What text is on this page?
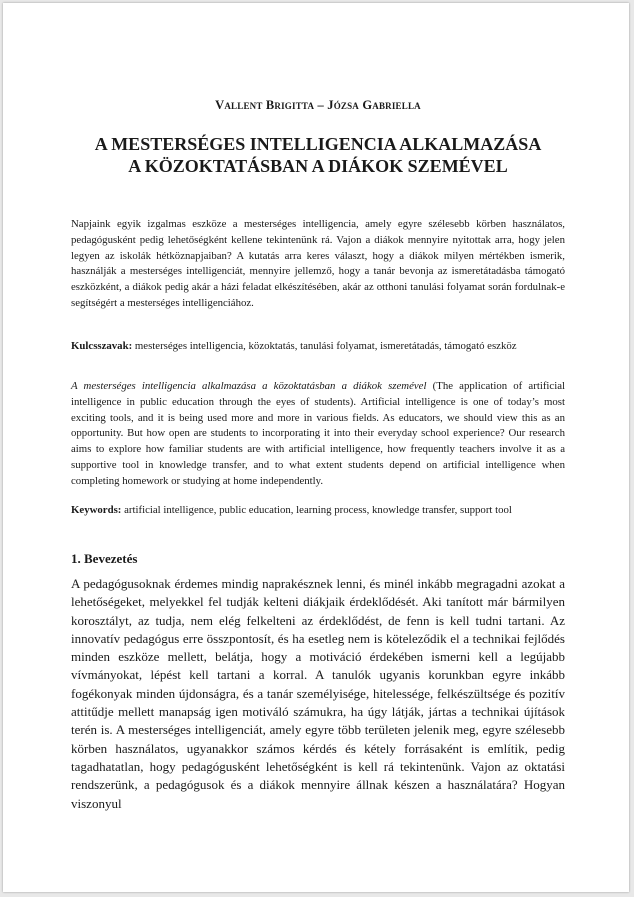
Vallent Brigitta – Józsa Gabriella
A MESTERSÉGES INTELLIGENCIA ALKALMAZÁSA
A KÖZOKTATÁSBAN A DIÁKOK SZEMÉVEL

Napjaink egyik izgalmas eszköze a mesterséges intelligencia, amely egyre szélesebb körben használatos, pedagógusként pedig lehetőségként kellene tekintenünk rá. Vajon a diákok mennyire nyitottak arra, hogy jelen legyen az iskolák hétköznapjaiban? A kutatás arra keres választ, hogy a diákok milyen mértékben ismerik, használják a mesterséges intelligenciát, mennyire jellemző, hogy a tanár bevonja az ismeretátadásba támogató eszközként, a diákok pedig akár a házi feladat elkészítésében, akár az otthoni tanulási folyamat során fordulnak-e segítségért a mesterséges intelligenciához.

Kulcsszavak: mesterséges intelligencia, közoktatás, tanulási folyamat, ismeretátadás, támogató eszköz

A mesterséges intelligencia alkalmazása a közoktatásban a diákok szemével (The application of artificial intelligence in public education through the eyes of students). Artificial intelligence is one of today’s most exciting tools, and it is being used more and more in various fields. As educators, we should view this as an opportunity. But how open are students to incorporating it into their everyday school experience? Our research aims to explore how familiar students are with artificial intelligence, how frequently teachers involve it as a supportive tool in knowledge transfer, and to what extent students depend on artificial intelligence when completing homework or studying at home independently.

Keywords: artificial intelligence, public education, learning process, knowledge transfer, support tool

1. Bevezetés

A pedagógusoknak érdemes mindig naprakésznek lenni, és minél inkább megragadni azokat a lehetőségeket, melyekkel fel tudják kelteni diákjaik érdeklődését. Aki tanított már bármilyen korosztályt, az tudja, nem elég felkelteni az érdeklődést, de fenn is kell tudni tartani. Az innovatív pedagógus erre összpontosít, és ha esetleg nem is köteleződik el a technikai fejlődés minden eszköze mellett, belátja, hogy a motiváció érdekében ismerni kell a legújabb vívmányokat, lépést kell tartani a korral. A tanulók ugyanis korunkban egyre inkább fogékonyak minden újdonságra, és a tanár személyisége, hitelessége, felkészültsége és pozitív attitűdje mellett manapság igen motiváló számukra, ha úgy látják, jártas a technikai újítások terén is. A mesterséges intelligenciát, amely egyre több területen jelenik meg, egyre szélesebb körben használatos, ugyanakkor számos kérdés és kétely forrásaként is említik, pedig tagadhatatlan, hogy pedagógusként lehetőségként is kell rá tekintenünk. Vajon az oktatási rendszerünk, a pedagógusok és a diákok mennyire állnak készen a használatára? Hogyan viszonyul
